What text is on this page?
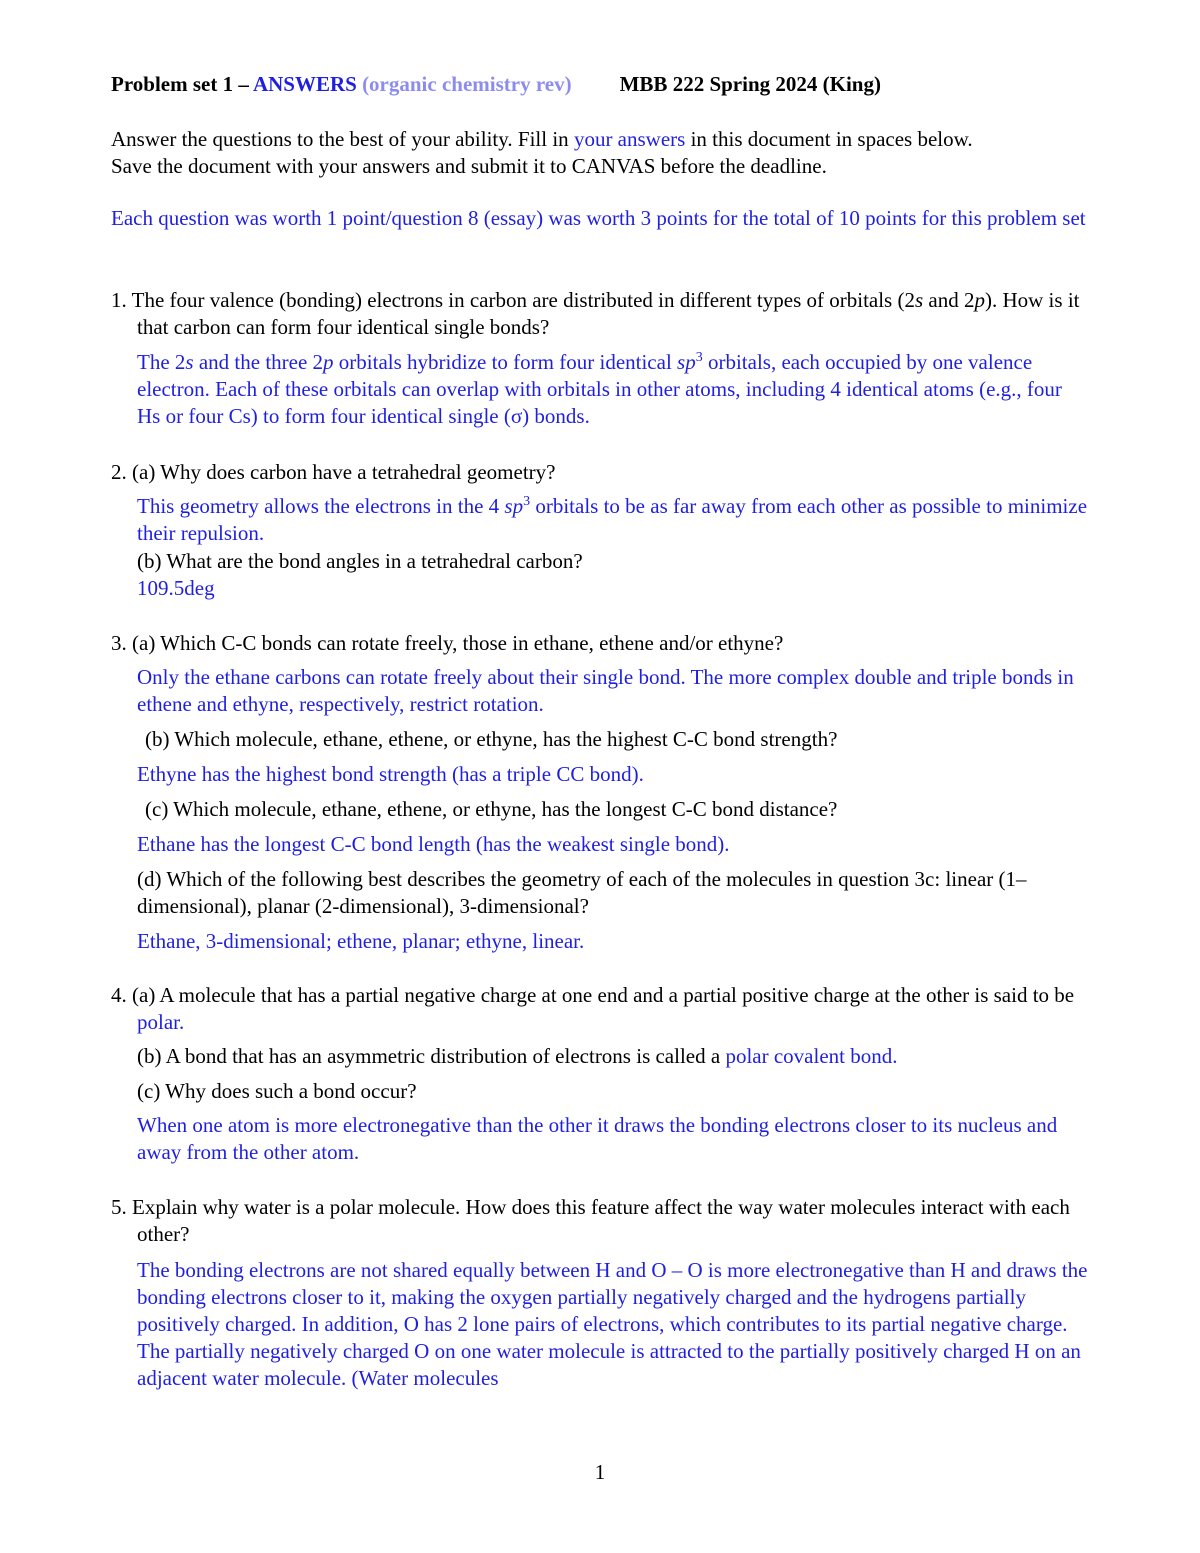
Problem set 1 – ANSWERS (organic chemistry rev) MBB 222 Spring 2024 (King)

Answer the questions to the best of your ability. Fill in your answers in this document in spaces below.

Save the document with your answers and submit it to CANVAS before the deadline.

Each question was worth 1 point/question 8 (essay) was worth 3 points for the total of 10 points for this problem set

1. The four valence (bonding) electrons in carbon are distributed in different types of orbitals (2s and 2p). How is it that carbon can form four identical single bonds?

The 2s and the three 2p orbitals hybridize to form four identical $sp^3$ orbitals, each occupied by one valence electron. Each of these orbitals can overlap with orbitals in other atoms, including 4 identical atoms (e.g., four Hs or four Cs) to form four identical single (σ) bonds.

2. (a) Why does carbon have a tetrahedral geometry?

This geometry allows the electrons in the 4 $sp^3$ orbitals to be as far away from each other as possible to minimize their repulsion.

(b) What are the bond angles in a tetrahedral carbon?

109.5deg

3. (a) Which C-C bonds can rotate freely, those in ethane, ethene and/or ethyne?

Only the ethane carbons can rotate freely about their single bond. The more complex double and triple bonds in ethene and ethyne, respectively, restrict rotation.

(b) Which molecule, ethane, ethene, or ethyne, has the highest C-C bond strength?

Ethyne has the highest bond strength (has a triple CC bond).

(c) Which molecule, ethane, ethene, or ethyne, has the longest C-C bond distance?

Ethane has the longest C-C bond length (has the weakest single bond).

(d) Which of the following best describes the geometry of each of the molecules in question 3c: linear (1–dimensional), planar (2-dimensional), 3-dimensional?

Ethane, 3-dimensional; ethene, planar; ethyne, linear.

4. (a) A molecule that has a partial negative charge at one end and a partial positive charge at the other is said to be polar.

(b) A bond that has an asymmetric distribution of electrons is called a polar covalent bond.

(c) Why does such a bond occur?

When one atom is more electronegative than the other it draws the bonding electrons closer to its nucleus and away from the other atom.

5. Explain why water is a polar molecule. How does this feature affect the way water molecules interact with each other?

The bonding electrons are not shared equally between H and O – O is more electronegative than H and draws the bonding electrons closer to it, making the oxygen partially negatively charged and the hydrogens partially positively charged. In addition, O has 2 lone pairs of electrons, which contributes to its partial negative charge. The partially negatively charged O on one water molecule is attracted to the partially positively charged H on an adjacent water molecule. (Water molecules

1
